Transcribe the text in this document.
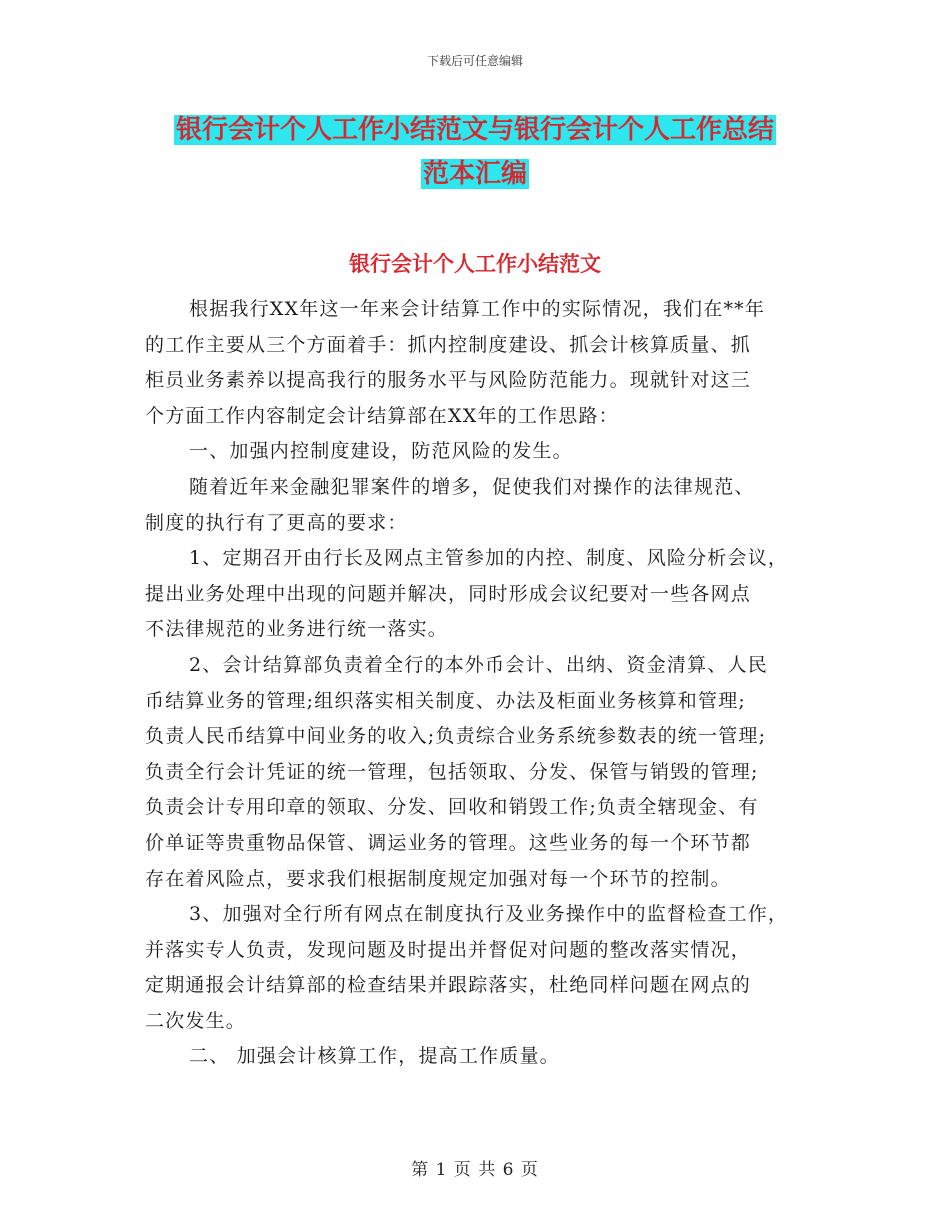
下载后可任意编辑
银行会计个人工作小结范文与银行会计个人工作总结
范本汇编
银行会计个人工作小结范文
根据我行XX年这一年来会计结算工作中的实际情况，我们在**年
的工作主要从三个方面着手：抓内控制度建设、抓会计核算质量、抓
柜员业务素养以提高我行的服务水平与风险防范能力。现就针对这三
个方面工作内容制定会计结算部在XX年的工作思路：
一、加强内控制度建设，防范风险的发生。
随着近年来金融犯罪案件的增多，促使我们对操作的法律规范、
制度的执行有了更高的要求：
1、定期召开由行长及网点主管参加的内控、制度、风险分析会议，
提出业务处理中出现的问题并解决，同时形成会议纪要对一些各网点
不法律规范的业务进行统一落实。
2、会计结算部负责着全行的本外币会计、出纳、资金清算、人民
币结算业务的管理;组织落实相关制度、办法及柜面业务核算和管理;
负责人民币结算中间业务的收入;负责综合业务系统参数表的统一管理;
负责全行会计凭证的统一管理，包括领取、分发、保管与销毁的管理;
负责会计专用印章的领取、分发、回收和销毁工作;负责全辖现金、有
价单证等贵重物品保管、调运业务的管理。这些业务的每一个环节都
存在着风险点，要求我们根据制度规定加强对每一个环节的控制。
3、加强对全行所有网点在制度执行及业务操作中的监督检查工作，
并落实专人负责，发现问题及时提出并督促对问题的整改落实情况，
定期通报会计结算部的检查结果并跟踪落实，杜绝同样问题在网点的
二次发生。
二、 加强会计核算工作，提高工作质量。
第 1 页 共 6 页
